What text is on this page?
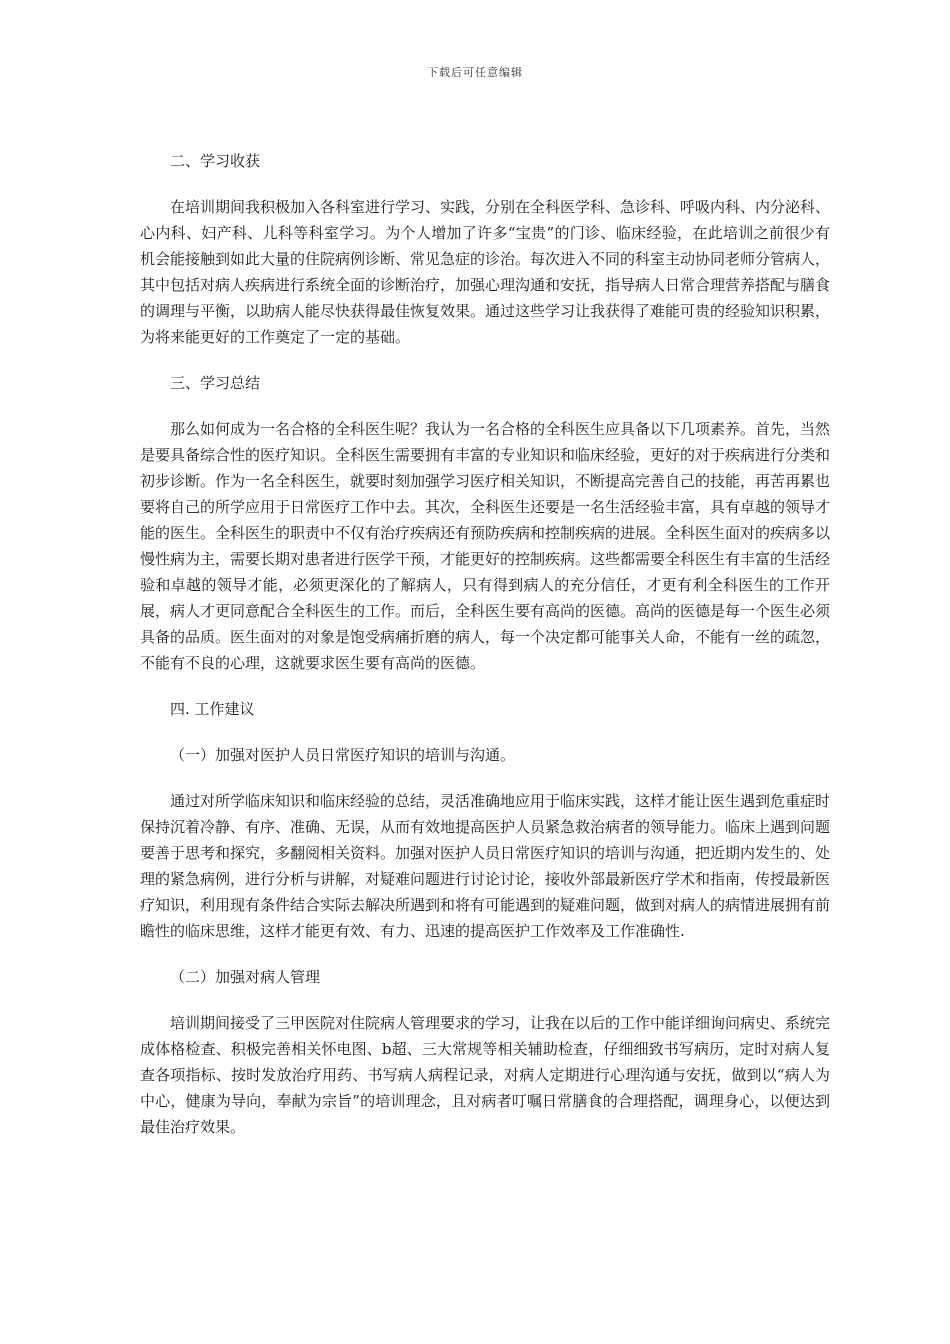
下载后可任意编辑

二、学习收获

在培训期间我积极加入各科室进行学习、实践，分别在全科医学科、急诊科、呼吸内科、内分泌科、心内科、妇产科、儿科等科室学习。为个人增加了许多“宝贵”的门诊、临床经验，在此培训之前很少有机会能接触到如此大量的住院病例诊断、常见急症的诊治。每次进入不同的科室主动协同老师分管病人，其中包括对病人疾病进行系统全面的诊断治疗，加强心理沟通和安抚，指导病人日常合理营养搭配与膳食的调理与平衡，以助病人能尽快获得最佳恢复效果。通过这些学习让我获得了难能可贵的经验知识积累，为将来能更好的工作奠定了一定的基础。

三、学习总结

那么如何成为一名合格的全科医生呢？我认为一名合格的全科医生应具备以下几项素养。首先，当然是要具备综合性的医疗知识。全科医生需要拥有丰富的专业知识和临床经验，更好的对于疾病进行分类和初步诊断。作为一名全科医生，就要时刻加强学习医疗相关知识，不断提高完善自己的技能，再苦再累也要将自己的所学应用于日常医疗工作中去。其次，全科医生还要是一名生活经验丰富，具有卓越的领导才能的医生。全科医生的职责中不仅有治疗疾病还有预防疾病和控制疾病的进展。全科医生面对的疾病多以慢性病为主，需要长期对患者进行医学干预，才能更好的控制疾病。这些都需要全科医生有丰富的生活经验和卓越的领导才能，必须更深化的了解病人，只有得到病人的充分信任，才更有利全科医生的工作开展，病人才更同意配合全科医生的工作。而后，全科医生要有高尚的医德。高尚的医德是每一个医生必须具备的品质。医生面对的对象是饱受病痛折磨的病人，每一个决定都可能事关人命，不能有一丝的疏忽，不能有不良的心理，这就要求医生要有高尚的医德。

四. 工作建议

（一）加强对医护人员日常医疗知识的培训与沟通。

通过对所学临床知识和临床经验的总结，灵活准确地应用于临床实践，这样才能让医生遇到危重症时保持沉着冷静、有序、准确、无误，从而有效地提高医护人员紧急救治病者的领导能力。临床上遇到问题要善于思考和探究，多翻阅相关资料。加强对医护人员日常医疗知识的培训与沟通，把近期内发生的、处理的紧急病例，进行分析与讲解，对疑难问题进行讨论讨论，接收外部最新医疗学术和指南，传授最新医疗知识，利用现有条件结合实际去解决所遇到和将有可能遇到的疑难问题，做到对病人的病情进展拥有前瞻性的临床思维，这样才能更有效、有力、迅速的提高医护工作效率及工作准确性.

（二）加强对病人管理

培训期间接受了三甲医院对住院病人管理要求的学习，让我在以后的工作中能详细询问病史、系统完成体格检查、积极完善相关怀电图、b超、三大常规等相关辅助检查，仔细细致书写病历，定时对病人复查各项指标、按时发放治疗用药、书写病人病程记录，对病人定期进行心理沟通与安抚，做到以“病人为中心，健康为导向，奉献为宗旨”的培训理念，且对病者叮嘱日常膳食的合理搭配，调理身心，以便达到最佳治疗效果。
